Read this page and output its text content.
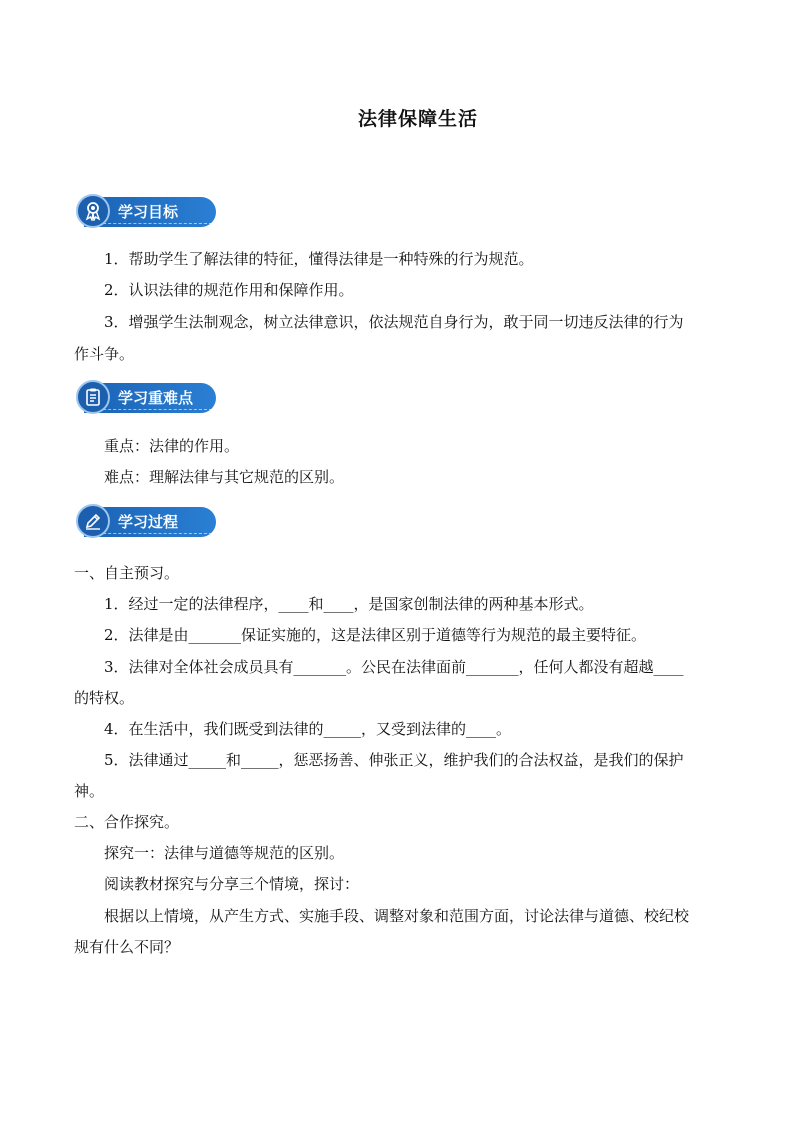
法律保障生活
学习目标
1．帮助学生了解法律的特征，懂得法律是一种特殊的行为规范。
2．认识法律的规范作用和保障作用。
3．增强学生法制观念，树立法律意识，依法规范自身行为，敢于同一切违反法律的行为
作斗争。
学习重难点
重点：法律的作用。
难点：理解法律与其它规范的区别。
学习过程
一、自主预习。
1．经过一定的法律程序，____和____，是国家创制法律的两种基本形式。
2．法律是由_______保证实施的，这是法律区别于道德等行为规范的最主要特征。
3．法律对全体社会成员具有_______。公民在法律面前_______，任何人都没有超越____
的特权。
4．在生活中，我们既受到法律的_____，又受到法律的____。
5．法律通过_____和_____，惩恶扬善、伸张正义，维护我们的合法权益，是我们的保护
神。
二、合作探究。
探究一：法律与道德等规范的区别。
阅读教材探究与分享三个情境，探讨：
根据以上情境，从产生方式、实施手段、调整对象和范围方面，讨论法律与道德、校纪校
规有什么不同？
